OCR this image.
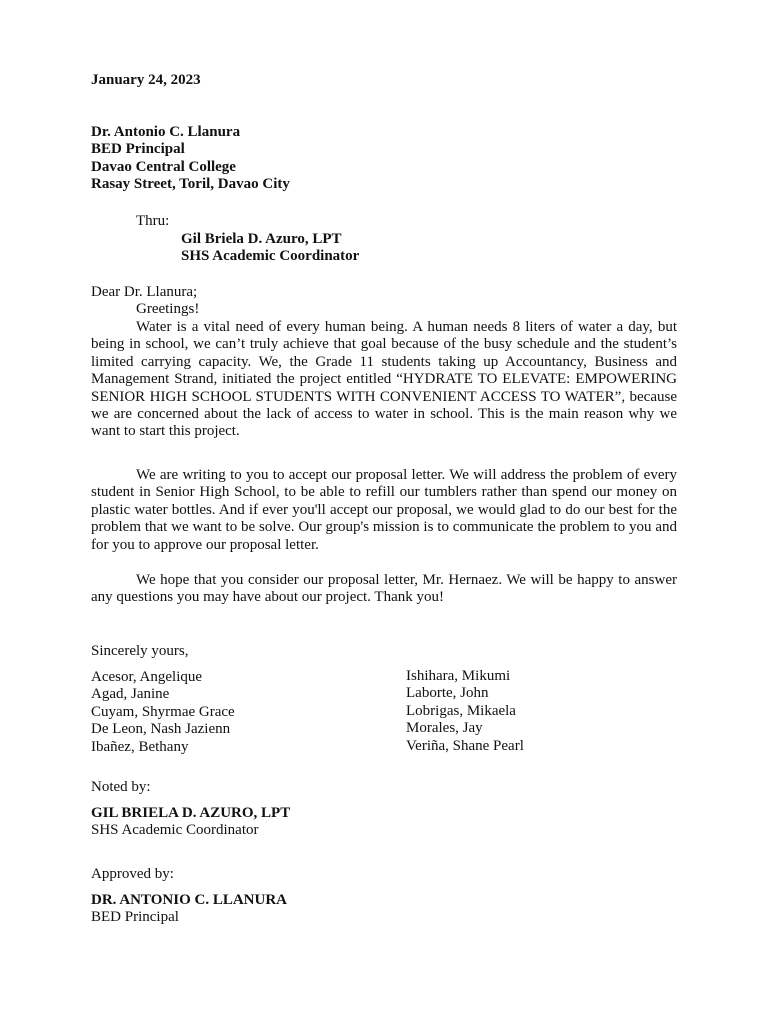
January 24, 2023
Dr. Antonio C. Llanura
BED Principal
Davao Central College
Rasay Street, Toril, Davao City
Thru:
Gil Briela D. Azuro, LPT
SHS Academic Coordinator
Dear Dr. Llanura;
Greetings!

Water is a vital need of every human being. A human needs 8 liters of water a day, but being in school, we can’t truly achieve that goal because of the busy schedule and the student’s limited carrying capacity. We, the Grade 11 students taking up Accountancy, Business and Management Strand, initiated the project entitled “HYDRATE TO ELEVATE: EMPOWERING SENIOR HIGH SCHOOL STUDENTS WITH CONVENIENT ACCESS TO WATER”, because we are concerned about the lack of access to water in school. This is the main reason why we want to start this project.

We are writing to you to accept our proposal letter. We will address the problem of every student in Senior High School, to be able to refill our tumblers rather than spend our money on plastic water bottles. And if ever you'll accept our proposal, we would glad to do our best for the problem that we want to be solve. Our group's mission is to communicate the problem to you and for you to approve our proposal letter.

We hope that you consider our proposal letter, Mr. Hernaez. We will be happy to answer any questions you may have about our project. Thank you!

Sincerely yours,
Acesor, Angelique
Agad, Janine
Cuyam, Shyrmae Grace
De Leon, Nash Jazienn
Ibañez, Bethany
Ishihara, Mikumi
Laborte, John
Lobrigas, Mikaela
Morales, Jay
Veriña, Shane Pearl
Noted by:
GIL BRIELA D. AZURO, LPT
SHS Academic Coordinator
Approved by:
DR. ANTONIO C. LLANURA
BED Principal
